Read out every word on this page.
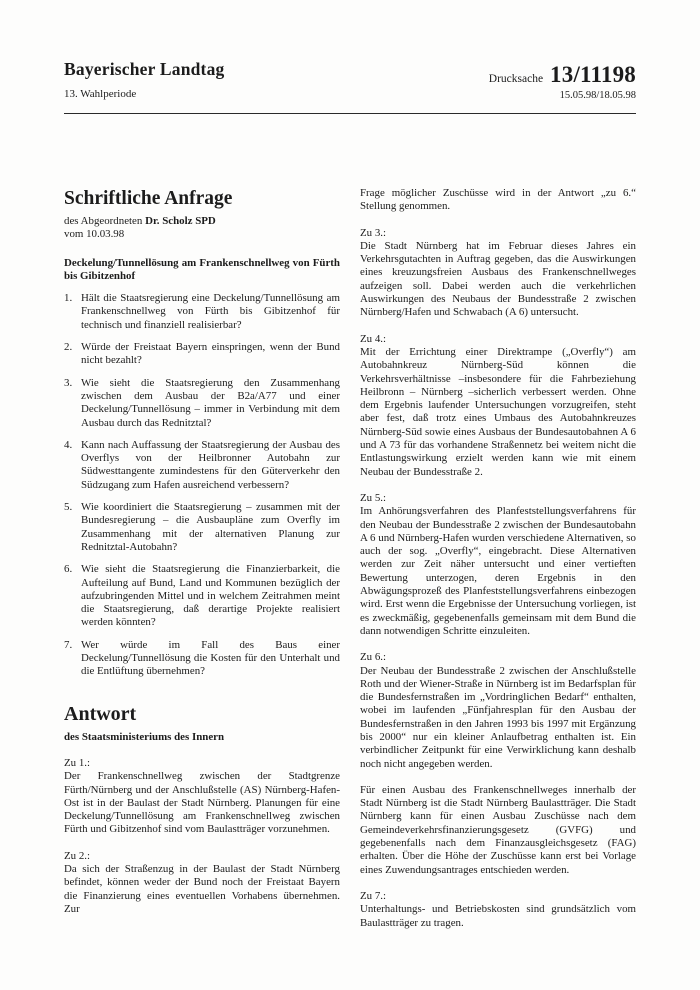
Bayerischer Landtag
13. Wahlperiode
Drucksache 13/11198
15.05.98/18.05.98
Schriftliche Anfrage
des Abgeordneten Dr. Scholz SPD
vom 10.03.98
Deckelung/Tunnellösung am Frankenschnellweg von Fürth bis Gibitzenhof
1. Hält die Staatsregierung eine Deckelung/Tunnellösung am Frankenschnellweg von Fürth bis Gibitzenhof für technisch und finanziell realisierbar?
2. Würde der Freistaat Bayern einspringen, wenn der Bund nicht bezahlt?
3. Wie sieht die Staatsregierung den Zusammenhang zwischen dem Ausbau der B2a/A77 und einer Deckelung/Tunnellösung – immer in Verbindung mit dem Ausbau durch das Rednitztal?
4. Kann nach Auffassung der Staatsregierung der Ausbau des Overflys von der Heilbronner Autobahn zur Südwesttangente zumindestens für den Güterverkehr den Südzugang zum Hafen ausreichend verbessern?
5. Wie koordiniert die Staatsregierung – zusammen mit der Bundesregierung – die Ausbaupläne zum Overfly im Zusammenhang mit der alternativen Planung zur Rednitztal-Autobahn?
6. Wie sieht die Staatsregierung die Finanzierbarkeit, die Aufteilung auf Bund, Land und Kommunen bezüglich der aufzubringenden Mittel und in welchem Zeitrahmen meint die Staatsregierung, daß derartige Projekte realisiert werden könnten?
7. Wer würde im Fall des Baus einer Deckelung/Tunnellösung die Kosten für den Unterhalt und die Entlüftung übernehmen?
Antwort
des Staatsministeriums des Innern
Zu 1.:

Der Frankenschnellweg zwischen der Stadtgrenze Fürth/Nürnberg und der Anschlußstelle (AS) Nürnberg-Hafen-Ost ist in der Baulast der Stadt Nürnberg. Planungen für eine Deckelung/Tunnellösung am Frankenschnellweg zwischen Fürth und Gibitzenhof sind vom Baulastträger vorzunehmen.

Zu 2.:

Da sich der Straßenzug in der Baulast der Stadt Nürnberg befindet, können weder der Bund noch der Freistaat Bayern die Finanzierung eines eventuellen Vorhabens übernehmen. Zur

Frage möglicher Zuschüsse wird in der Antwort „zu 6.“ Stellung genommen.

Zu 3.:

Die Stadt Nürnberg hat im Februar dieses Jahres ein Verkehrsgutachten in Auftrag gegeben, das die Auswirkungen eines kreuzungsfreien Ausbaus des Frankenschnellweges aufzeigen soll. Dabei werden auch die verkehrlichen Auswirkungen des Neubaus der Bundesstraße 2 zwischen Nürnberg/Hafen und Schwabach (A 6) untersucht.

Zu 4.:

Mit der Errichtung einer Direktrampe („Overfly“) am Autobahnkreuz Nürnberg-Süd können die Verkehrsverhältnisse –insbesondere für die Fahrbeziehung Heilbronn – Nürnberg –sicherlich verbessert werden. Ohne dem Ergebnis laufender Untersuchungen vorzugreifen, steht aber fest, daß trotz eines Umbaus des Autobahnkreuzes Nürnberg-Süd sowie eines Ausbaus der Bundesautobahnen A 6 und A 73 für das vorhandene Straßennetz bei weitem nicht die Entlastungswirkung erzielt werden kann wie mit einem Neubau der Bundesstraße 2.

Zu 5.:

Im Anhörungsverfahren des Planfeststellungsverfahrens für den Neubau der Bundesstraße 2 zwischen der Bundesautobahn A 6 und Nürnberg-Hafen wurden verschiedene Alternativen, so auch der sog. „Overfly“, eingebracht. Diese Alternativen werden zur Zeit näher untersucht und einer vertieften Bewertung unterzogen, deren Ergebnis in den Abwägungsprozeß des Planfeststellungsverfahrens einbezogen wird. Erst wenn die Ergebnisse der Untersuchung vorliegen, ist es zweckmäßig, gegebenenfalls gemeinsam mit dem Bund die dann notwendigen Schritte einzuleiten.

Zu 6.:

Der Neubau der Bundesstraße 2 zwischen der Anschlußstelle Roth und der Wiener-Straße in Nürnberg ist im Bedarfsplan für die Bundesfernstraßen im „Vordringlichen Bedarf“ enthalten, wobei im laufenden „Fünfjahresplan für den Ausbau der Bundesfernstraßen in den Jahren 1993 bis 1997 mit Ergänzung bis 2000“ nur ein kleiner Anlaufbetrag enthalten ist. Ein verbindlicher Zeitpunkt für eine Verwirklichung kann deshalb noch nicht angegeben werden.

Für einen Ausbau des Frankenschnellweges innerhalb der Stadt Nürnberg ist die Stadt Nürnberg Baulastträger. Die Stadt Nürnberg kann für einen Ausbau Zuschüsse nach dem Gemeindeverkehrsfinanzierungsgesetz (GVFG) und gegebenenfalls nach dem Finanzausgleichsgesetz (FAG) erhalten. Über die Höhe der Zuschüsse kann erst bei Vorlage eines Zuwendungsantrages entschieden werden.

Zu 7.:

Unterhaltungs- und Betriebskosten sind grundsätzlich vom Baulastträger zu tragen.
